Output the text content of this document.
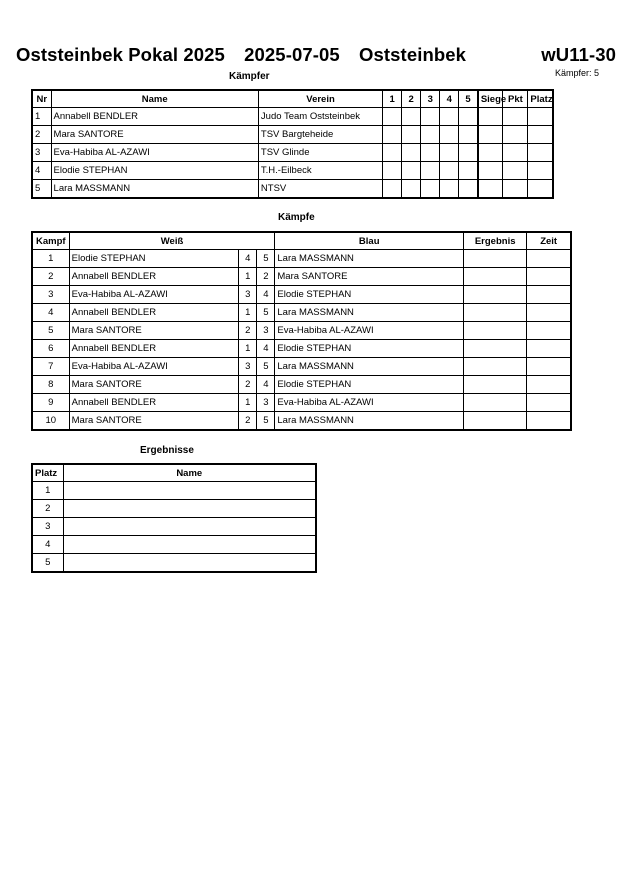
Oststeinbek Pokal 2025 2025-07-05 Oststeinbek	wU11-30
Kämpfer: 5
Kämpfer
Nr	Name	Verein	1	2	3	4	5	Siege	Pkt	Platz
1	Annabell BENDLER	Judo Team Oststeinbek								
2	Mara SANTORE	TSV Bargteheide								
3	Eva-Habiba AL-AZAWI	TSV Glinde								
4	Elodie STEPHAN	T.H.-Eilbeck								
5	Lara MASSMANN	NTSV								
Kämpfe
Kampf	Weiß			Blau	Ergebnis	Zeit
1	Elodie STEPHAN	4	5	Lara MASSMANN		
2	Annabell BENDLER	1	2	Mara SANTORE		
3	Eva-Habiba AL-AZAWI	3	4	Elodie STEPHAN		
4	Annabell BENDLER	1	5	Lara MASSMANN		
5	Mara SANTORE	2	3	Eva-Habiba AL-AZAWI		
6	Annabell BENDLER	1	4	Elodie STEPHAN		
7	Eva-Habiba AL-AZAWI	3	5	Lara MASSMANN		
8	Mara SANTORE	2	4	Elodie STEPHAN		
9	Annabell BENDLER	1	3	Eva-Habiba AL-AZAWI		
10	Mara SANTORE	2	5	Lara MASSMANN		
Ergebnisse
Platz	Name
1	
2	
3	
4	
5	
